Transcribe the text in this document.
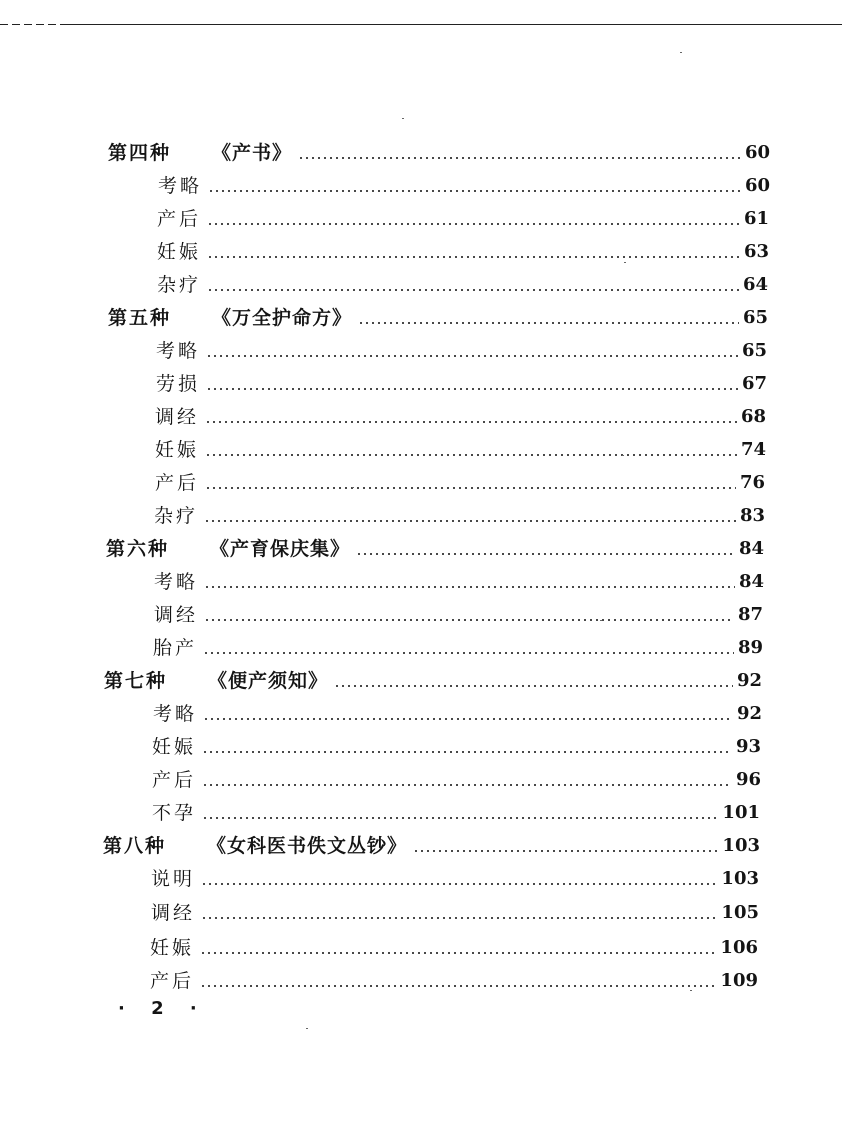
第四种	《产书》	60
考略	60
产后	61
妊娠	63
杂疗	64
第五种	《万全护命方》	65
考略	65
劳损	67
调经	68
妊娠	74
产后	76
杂疗	83
第六种	《产育保庆集》	84
考略	84
调经	87
胎产	89
第七种	《便产须知》	92
考略	92
妊娠	93
产后	96
不孕	101
第八种	《女科医书佚文丛钞》	103
说明	103
调经	105
妊娠	106
产后	109
· 2 ·
